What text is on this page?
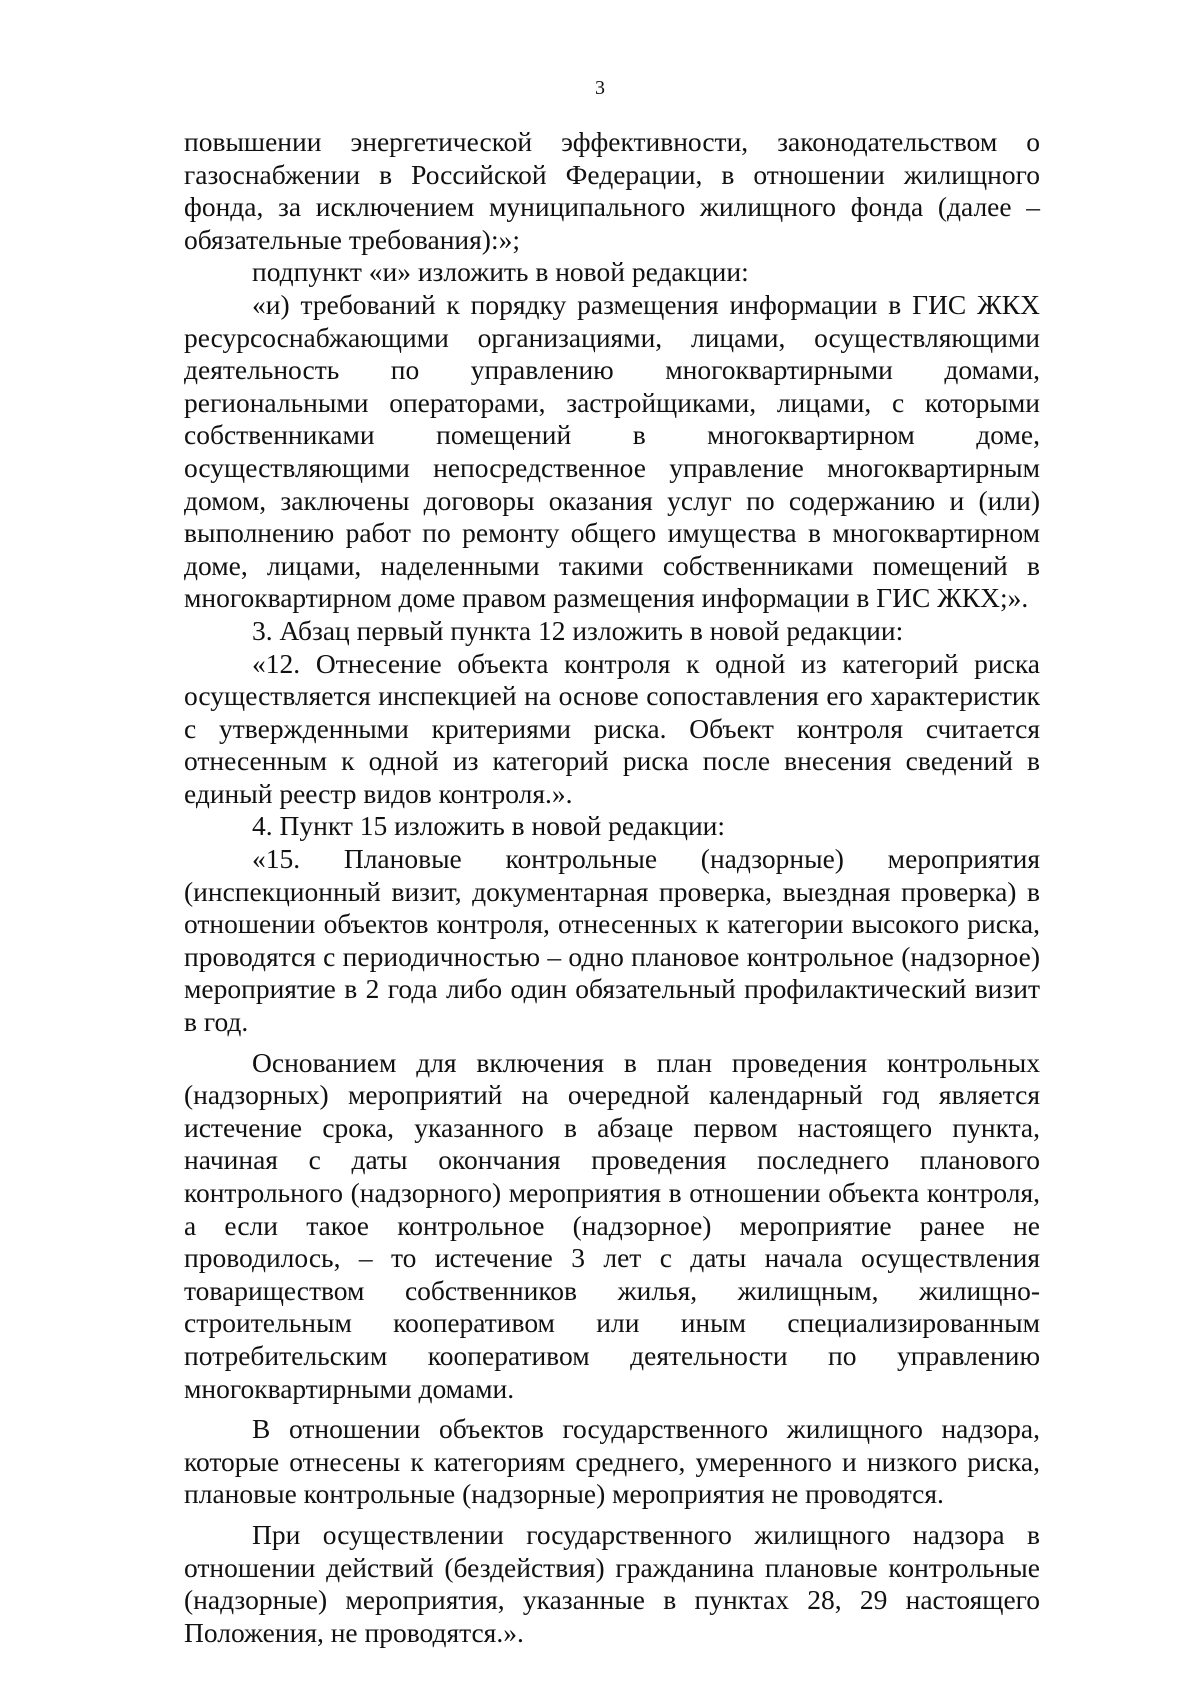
3

повышении энергетической эффективности, законодательством о газоснабжении в Российской Федерации, в отношении жилищного фонда, за исключением муниципального жилищного фонда (далее – обязательные требования):»;

подпункт «и» изложить в новой редакции:

«и) требований к порядку размещения информации в ГИС ЖКХ ресурсоснабжающими организациями, лицами, осуществляющими деятельность по управлению многоквартирными домами, региональными операторами, застройщиками, лицами, с которыми собственниками помещений в многоквартирном доме, осуществляющими непосредственное управление многоквартирным домом, заключены договоры оказания услуг по содержанию и (или) выполнению работ по ремонту общего имущества в многоквартирном доме, лицами, наделенными такими собственниками помещений в многоквартирном доме правом размещения информации в ГИС ЖКХ;».

3. Абзац первый пункта 12 изложить в новой редакции:

«12. Отнесение объекта контроля к одной из категорий риска осуществляется инспекцией на основе сопоставления его характеристик с утвержденными критериями риска. Объект контроля считается отнесенным к одной из категорий риска после внесения сведений в единый реестр видов контроля.».

4. Пункт 15 изложить в новой редакции:

«15. Плановые контрольные (надзорные) мероприятия (инспекционный визит, документарная проверка, выездная проверка) в отношении объектов контроля, отнесенных к категории высокого риска, проводятся с периодичностью – одно плановое контрольное (надзорное) мероприятие в 2 года либо один обязательный профилактический визит в год.

Основанием для включения в план проведения контрольных (надзорных) мероприятий на очередной календарный год является истечение срока, указанного в абзаце первом настоящего пункта, начиная с даты окончания проведения последнего планового контрольного (надзорного) мероприятия в отношении объекта контроля, а если такое контрольное (надзорное) мероприятие ранее не проводилось, – то истечение 3 лет с даты начала осуществления товариществом собственников жилья, жилищным, жилищно-строительным кооперативом или иным специализированным потребительским кооперативом деятельности по управлению многоквартирными домами.

В отношении объектов государственного жилищного надзора, которые отнесены к категориям среднего, умеренного и низкого риска, плановые контрольные (надзорные) мероприятия не проводятся.

При осуществлении государственного жилищного надзора в отношении действий (бездействия) гражданина плановые контрольные (надзорные) мероприятия, указанные в пунктах 28, 29 настоящего Положения, не проводятся.».
